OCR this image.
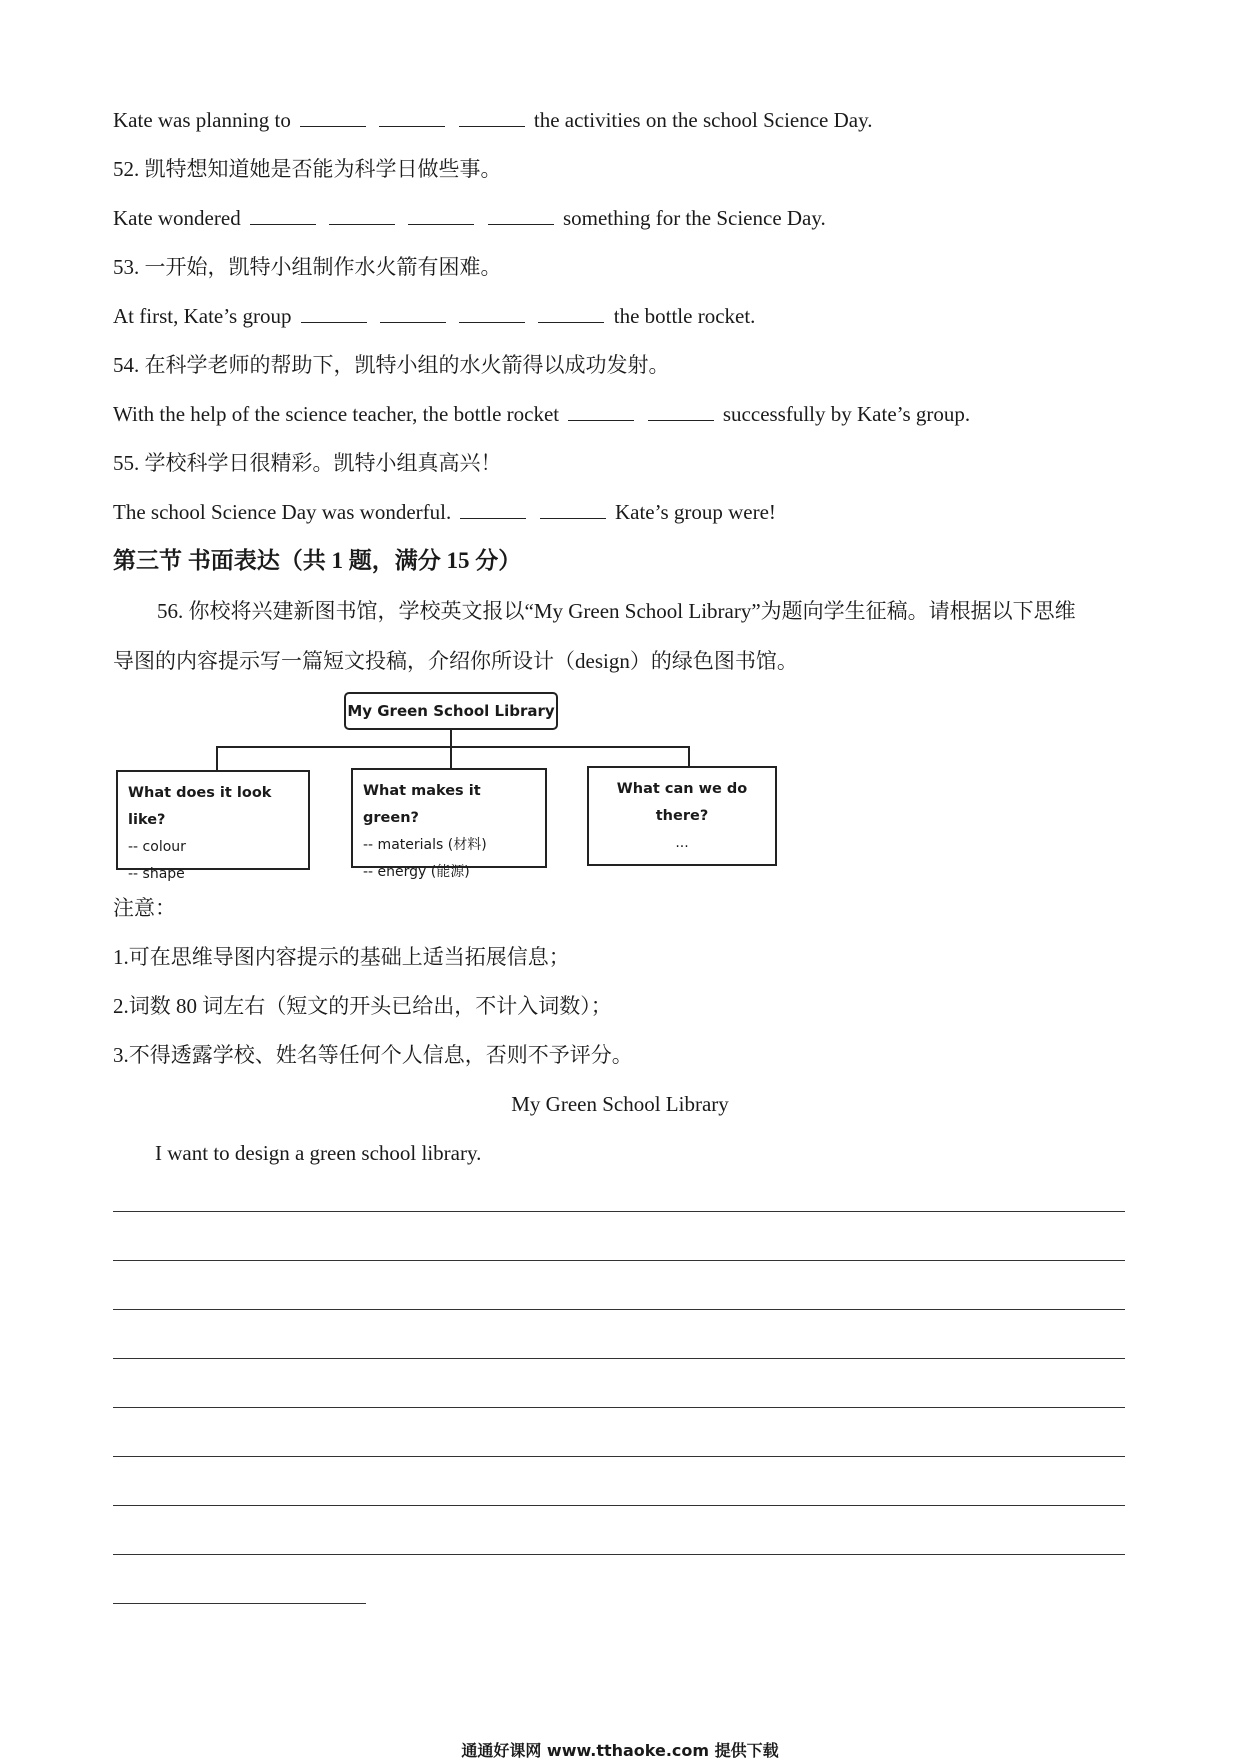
Kate was planning to	the activities on the school Science Day.
52. 凯特想知道她是否能为科学日做些事。
Kate wondered	something for the Science Day.
53. 一开始，凯特小组制作水火箭有困难。
At first, Kate’s group	the bottle rocket.
54. 在科学老师的帮助下，凯特小组的水火箭得以成功发射。
With the help of the science teacher, the bottle rocket	successfully by Kate’s group.
55. 学校科学日很精彩。凯特小组真高兴！
The school Science Day was wonderful.	Kate’s group were!
第三节 书面表达（共 1 题，满分 15 分）
56. 你校将兴建新图书馆，学校英文报以“My Green School Library”为题向学生征稿。请根据以下思维
导图的内容提示写一篇短文投稿，介绍你所设计（design）的绿色图书馆。
My Green School Library
What does it look like?
-- colour
-- shape
What makes it green?
-- materials (材料)
-- energy (能源)
What can we do there?
...
注意：
1.可在思维导图内容提示的基础上适当拓展信息；
2.词数 80 词左右（短文的开头已给出，不计入词数）；
3.不得透露学校、姓名等任何个人信息，否则不予评分。
My Green School Library
I want to design a green school library.
通通好课网 www.tthaoke.com 提供下载
